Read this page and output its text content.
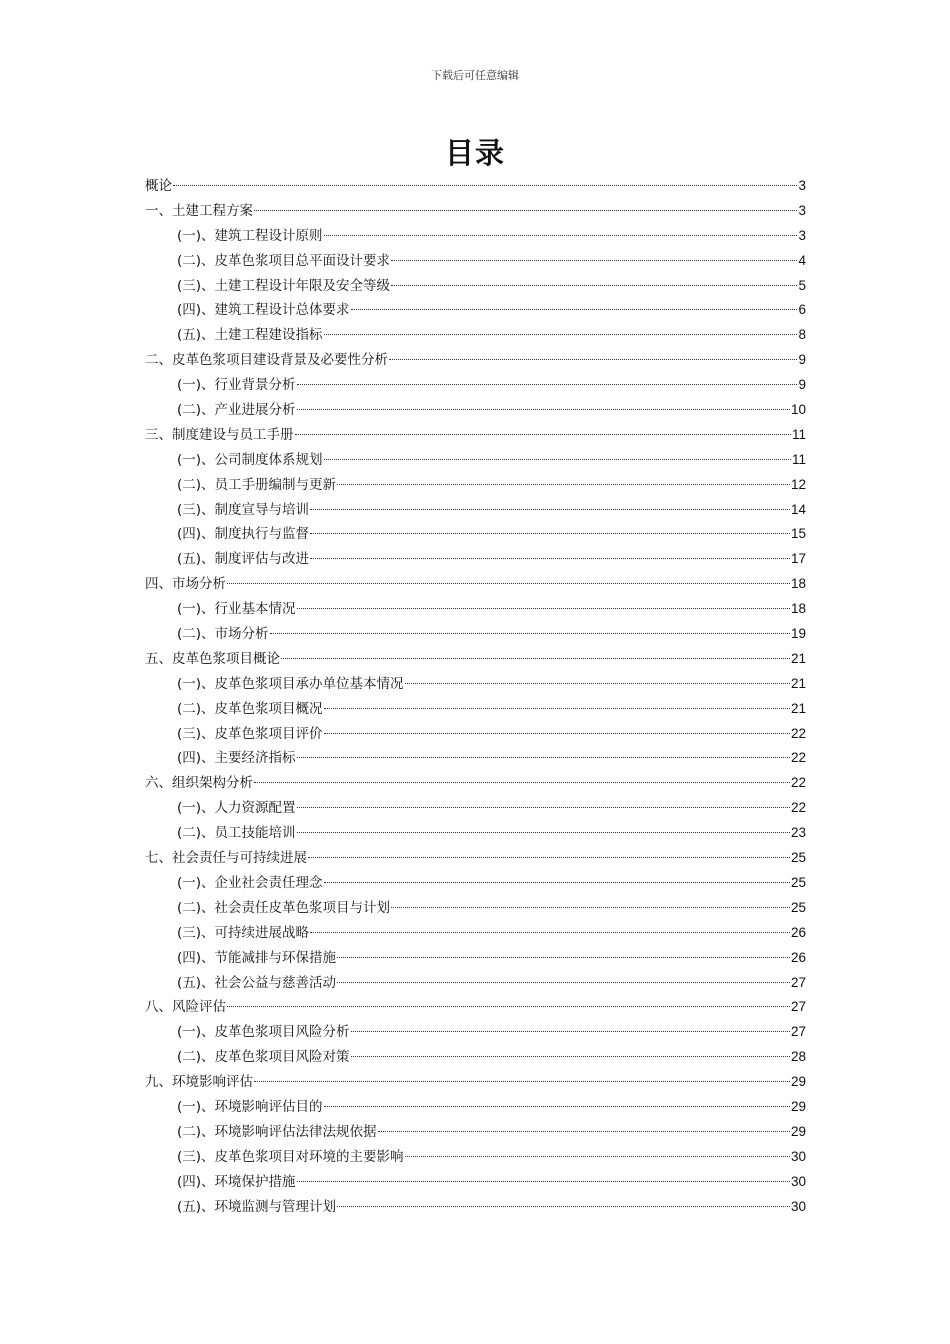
下载后可任意编辑
目录
概论	3
一、土建工程方案	3
(一)、建筑工程设计原则	3
(二)、皮革色浆项目总平面设计要求	4
(三)、土建工程设计年限及安全等级	5
(四)、建筑工程设计总体要求	6
(五)、土建工程建设指标	8
二、皮革色浆项目建设背景及必要性分析	9
(一)、行业背景分析	9
(二)、产业进展分析	10
三、制度建设与员工手册	11
(一)、公司制度体系规划	11
(二)、员工手册编制与更新	12
(三)、制度宣导与培训	14
(四)、制度执行与监督	15
(五)、制度评估与改进	17
四、市场分析	18
(一)、行业基本情况	18
(二)、市场分析	19
五、皮革色浆项目概论	21
(一)、皮革色浆项目承办单位基本情况	21
(二)、皮革色浆项目概况	21
(三)、皮革色浆项目评价	22
(四)、主要经济指标	22
六、组织架构分析	22
(一)、人力资源配置	22
(二)、员工技能培训	23
七、社会责任与可持续进展	25
(一)、企业社会责任理念	25
(二)、社会责任皮革色浆项目与计划	25
(三)、可持续进展战略	26
(四)、节能减排与环保措施	26
(五)、社会公益与慈善活动	27
八、风险评估	27
(一)、皮革色浆项目风险分析	27
(二)、皮革色浆项目风险对策	28
九、环境影响评估	29
(一)、环境影响评估目的	29
(二)、环境影响评估法律法规依据	29
(三)、皮革色浆项目对环境的主要影响	30
(四)、环境保护措施	30
(五)、环境监测与管理计划	30
